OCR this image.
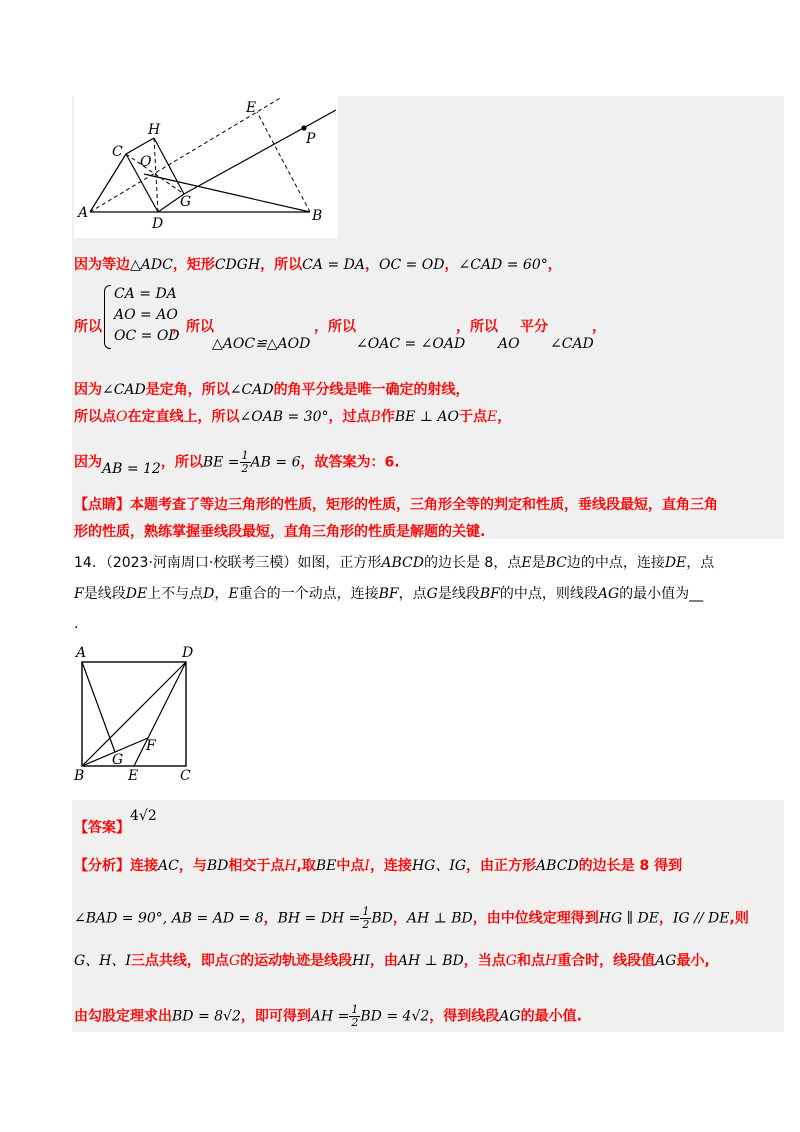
A	B
C
D
E
G
H
O
P
因为等边△ADC，矩形CDGH，所以CA = DA，OC = OD，∠CAD = 60°，
所以
CA = DA
AO = AO
OC = OD
，所以
△AOC≌△AOD
，所以
∠OAC = ∠OAD
，所以
AO
平分
∠CAD
，
因为∠CAD是定角，所以∠CAD的角平分线是唯一确定的射线，
所以点O在定直线上，所以∠OAB = 30°，过点B作BE ⊥ AO于点E，
因为AB = 12，所以BE = $\frac{1}{2}$ AB = 6，故答案为：6.
【点睛】本题考查了等边三角形的性质，矩形的性质，三角形全等的判定和性质，垂线段最短，直角三角
形的性质，熟练掌握垂线段最短，直角三角形的性质是解题的关键.
14．（2023·河南周口·校联考三模）如图，正方形ABCD的边长是 8，点E是BC边的中点，连接DE，点
F是线段DE上不与点D，E重合的一个动点，连接BF，点G是线段BF的中点，则线段AG的最小值为__
.
A	D
B	E	C
G
F
【答案】
4√2
【分析】连接AC，与BD相交于点H,取BE中点I，连接HG、IG，由正方形ABCD的边长是 8 得到
∠BAD = 90°, AB = AD = 8，BH = DH = $\frac{1}{2}$ BD，AH ⊥ BD，由中位线定理得到HG ∥ DE，IG // DE,则
G、H、I三点共线，即点G的运动轨迹是线段HI，由AH ⊥ BD，当点G和点H重合时，线段值AG最小,
由勾股定理求出BD = 8√2，即可得到AH = $\frac{1}{2}$ BD = 4√2，得到线段AG的最小值.
